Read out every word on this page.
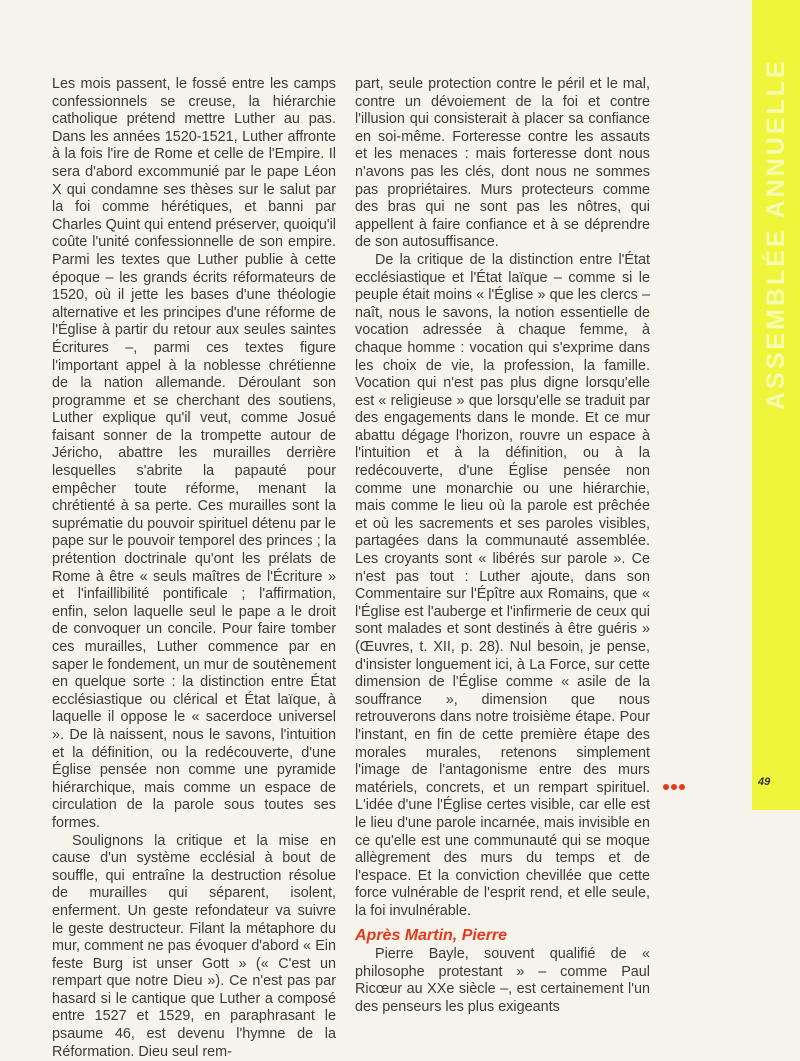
ASSEMBLÉE ANNUELLE

Les mois passent, le fossé entre les camps confessionnels se creuse, la hiérarchie catholique prétend mettre Luther au pas. Dans les années 1520-1521, Luther affronte à la fois l'ire de Rome et celle de l'Empire. Il sera d'abord excommunié par le pape Léon X qui condamne ses thèses sur le salut par la foi comme hérétiques, et banni par Charles Quint qui entend préserver, quoiqu'il coûte l'unité confessionnelle de son empire. Parmi les textes que Luther publie à cette époque – les grands écrits réformateurs de 1520, où il jette les bases d'une théologie alternative et les principes d'une réforme de l'Église à partir du retour aux seules saintes Écritures –, parmi ces textes figure l'important appel à la noblesse chrétienne de la nation allemande. Déroulant son programme et se cherchant des soutiens, Luther explique qu'il veut, comme Josué faisant sonner de la trompette autour de Jéricho, abattre les murailles derrière lesquelles s'abrite la papauté pour empêcher toute réforme, menant la chrétienté à sa perte. Ces murailles sont la suprématie du pouvoir spirituel détenu par le pape sur le pouvoir temporel des princes ; la prétention doctrinale qu'ont les prélats de Rome à être « seuls maîtres de l'Écriture » et l'infaillibilité pontificale ; l'affirmation, enfin, selon laquelle seul le pape a le droit de convoquer un concile. Pour faire tomber ces murailles, Luther commence par en saper le fondement, un mur de soutènement en quelque sorte : la distinction entre État ecclésiastique ou clérical et État laïque, à laquelle il oppose le « sacerdoce universel ». De là naissent, nous le savons, l'intuition et la définition, ou la redécouverte, d'une Église pensée non comme une pyramide hiérarchique, mais comme un espace de circulation de la parole sous toutes ses formes.

Soulignons la critique et la mise en cause d'un système ecclésial à bout de souffle, qui entraîne la destruction résolue de murailles qui séparent, isolent, enferment. Un geste refondateur va suivre le geste destructeur. Filant la métaphore du mur, comment ne pas évoquer d'abord « Ein feste Burg ist unser Gott » (« C'est un rempart que notre Dieu »). Ce n'est pas par hasard si le cantique que Luther a composé entre 1527 et 1529, en paraphrasant le psaume 46, est devenu l'hymne de la Réformation. Dieu seul rem-

part, seule protection contre le péril et le mal, contre un dévoiement de la foi et contre l'illusion qui consisterait à placer sa confiance en soi-même. Forteresse contre les assauts et les menaces : mais forteresse dont nous n'avons pas les clés, dont nous ne sommes pas propriétaires. Murs protecteurs comme des bras qui ne sont pas les nôtres, qui appellent à faire confiance et à se déprendre de son autosuffisance.

De la critique de la distinction entre l'État ecclésiastique et l'État laïque – comme si le peuple était moins « l'Église » que les clercs – naît, nous le savons, la notion essentielle de vocation adressée à chaque femme, à chaque homme : vocation qui s'exprime dans les choix de vie, la profession, la famille. Vocation qui n'est pas plus digne lorsqu'elle est « religieuse » que lorsqu'elle se traduit par des engagements dans le monde. Et ce mur abattu dégage l'horizon, rouvre un espace à l'intuition et à la définition, ou à la redécouverte, d'une Église pensée non comme une monarchie ou une hiérarchie, mais comme le lieu où la parole est prêchée et où les sacrements et ses paroles visibles, partagées dans la communauté assemblée. Les croyants sont « libérés sur parole ». Ce n'est pas tout : Luther ajoute, dans son Commentaire sur l'Épître aux Romains, que « l'Église est l'auberge et l'infirmerie de ceux qui sont malades et sont destinés à être guéris » (Œuvres, t. XII, p. 28). Nul besoin, je pense, d'insister longuement ici, à La Force, sur cette dimension de l'Église comme « asile de la souffrance », dimension que nous retrouverons dans notre troisième étape. Pour l'instant, en fin de cette première étape des morales murales, retenons simplement l'image de l'antagonisme entre des murs matériels, concrets, et un rempart spirituel. L'idée d'une l'Église certes visible, car elle est le lieu d'une parole incarnée, mais invisible en ce qu'elle est une communauté qui se moque allègrement des murs du temps et de l'espace. Et la conviction chevillée que cette force vulnérable de l'esprit rend, et elle seule, la foi invulnérable.

Après Martin, Pierre

Pierre Bayle, souvent qualifié de « philosophe protestant » – comme Paul Ricœur au XXe siècle –, est certainement l'un des penseurs les plus exigeants

49
